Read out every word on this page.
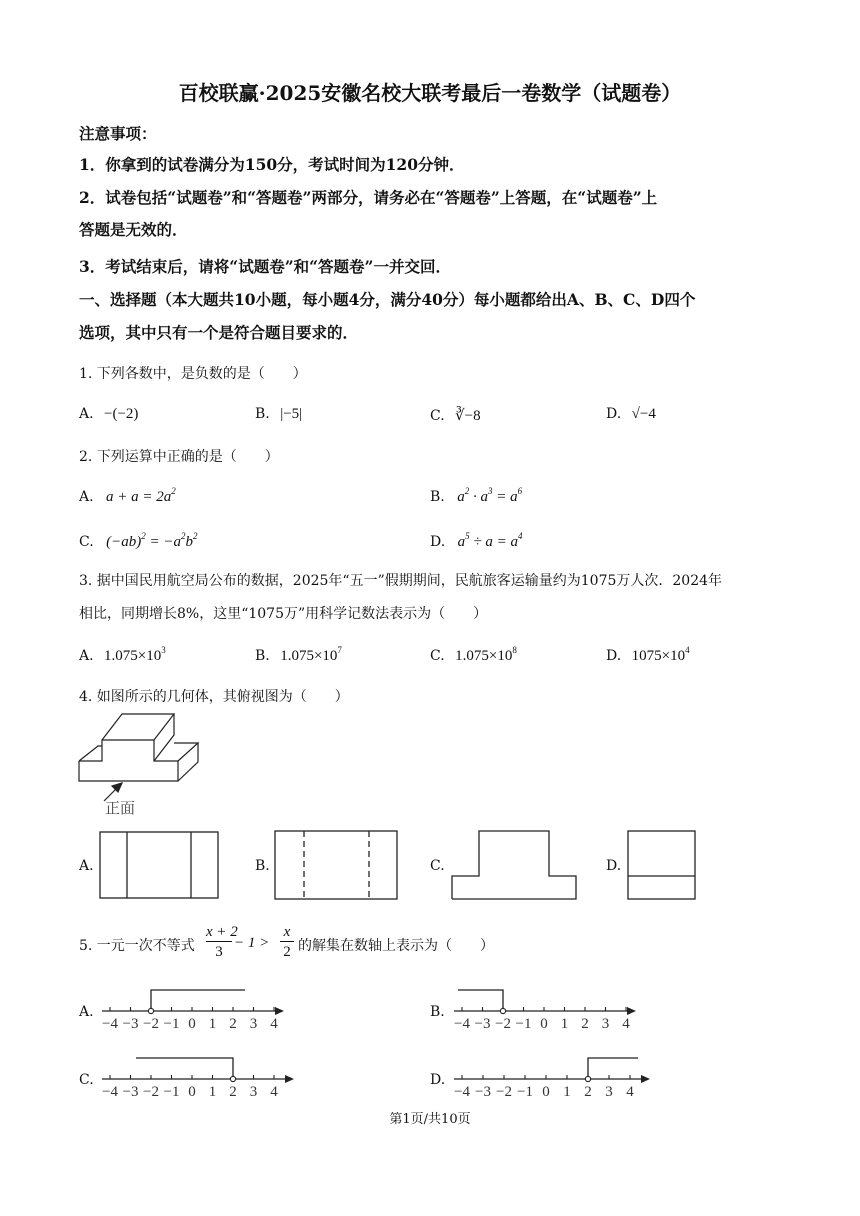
百校联赢·2025安徽名校大联考最后一卷数学（试题卷）
注意事项：
1．你拿到的试卷满分为150分，考试时间为120分钟．
2．试卷包括“试题卷”和“答题卷”两部分，请务必在“答题卷”上答题，在“试题卷”上
答题是无效的．
3．考试结束后，请将“试题卷”和“答题卷”一并交回．
一、选择题（本大题共10小题，每小题4分，满分40分）每小题都给出A、B、C、D四个
选项，其中只有一个是符合题目要求的．
1. 下列各数中，是负数的是（　　）
A. −(−2)	B. |−5|	C. ∛−8	D. √−4
2. 下列运算中正确的是（　　）
A. $a + a = 2a^2$	B. $a^2 \cdot a^3 = a^6$
C. $(-ab)^2 = -a^2b^2$	D. $a^5 \div a = a^4$
3. 据中国民用航空局公布的数据，2025年“五一”假期期间，民航旅客运输量约为1075万人次．2024年
相比，同期增长8%，这里“1075万”用科学记数法表示为（　　）
A. $1.075\times 10^3$	B. $1.075\times 10^7$	C. $1.075\times 10^8$	D. $1075\times 10^4$
4. 如图所示的几何体，其俯视图为（　　）
正面
A.	B.	C.	D.
5. 一元一次不等式
x + 2
3
− 1 >
x
2 的解集在数轴上表示为（　　）
A.
−4 −3 −2 −1 0 1 2 3 4
B.
−4 −3 −2 −1 0 1 2 3 4
C.
−4 −3 −2 −1 0 1 2 3 4
D.
−4 −3 −2 −1 0 1 2 3 4
第1页/共10页
